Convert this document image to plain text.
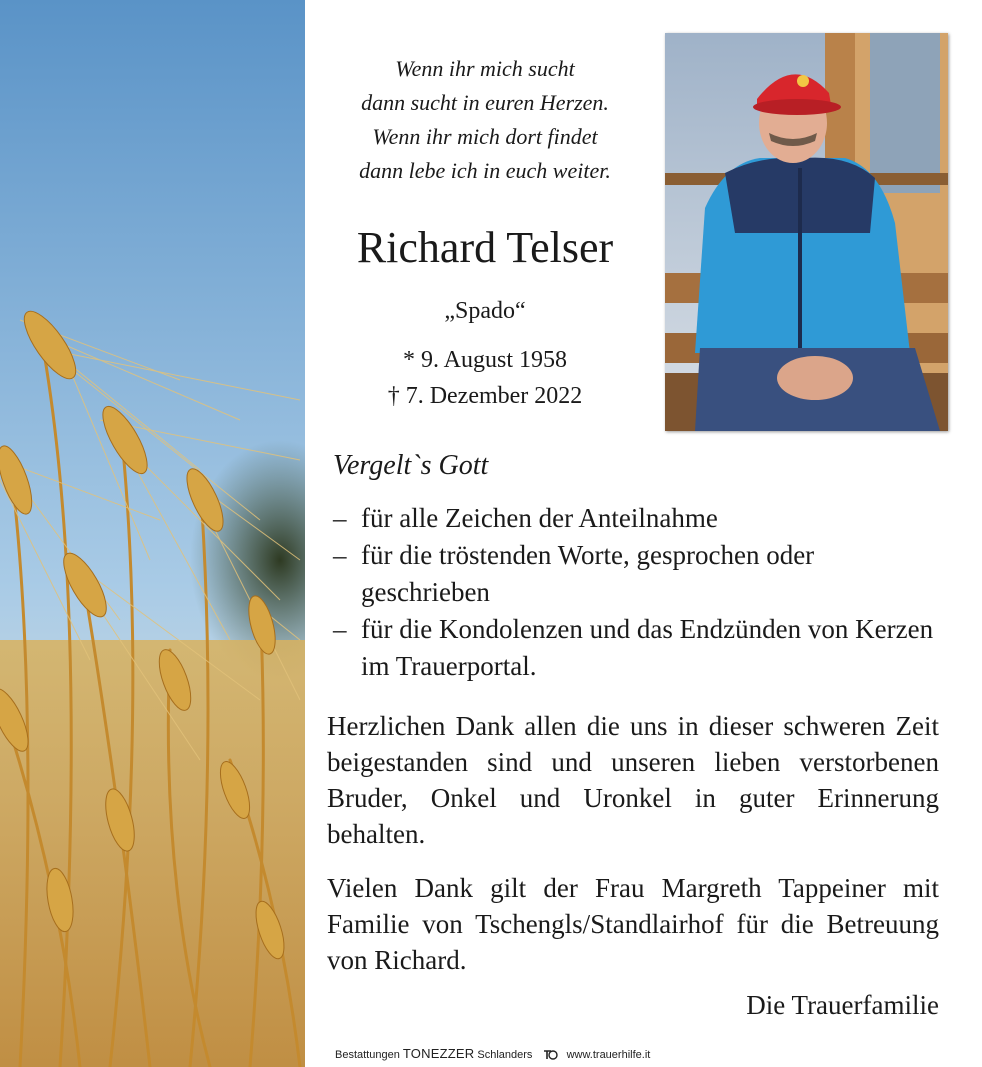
Wenn ihr mich sucht
dann sucht in euren Herzen.
Wenn ihr mich dort findet
dann lebe ich in euch weiter.
Richard Telser
„Spado“
* 9. August 1958
† 7. Dezember 2022
Vergelt`s Gott
– für alle Zeichen der Anteilnahme
– für die tröstenden Worte, gesprochen oder geschrieben
– für die Kondolenzen und das Endzünden von Kerzen im Trauerportal.
Herzlichen Dank allen die uns in dieser schweren Zeit beigestanden sind und unseren lieben verstorbenen Bruder, Onkel und Uronkel in guter Erinnerung behalten.
Vielen Dank gilt der Frau Margreth Tappeiner mit Familie von Tschengls/Standlairhof für die Betreuung von Richard.
Die Trauerfamilie
Bestattungen TONEZZER Schlanders	www.trauerhilfe.it
